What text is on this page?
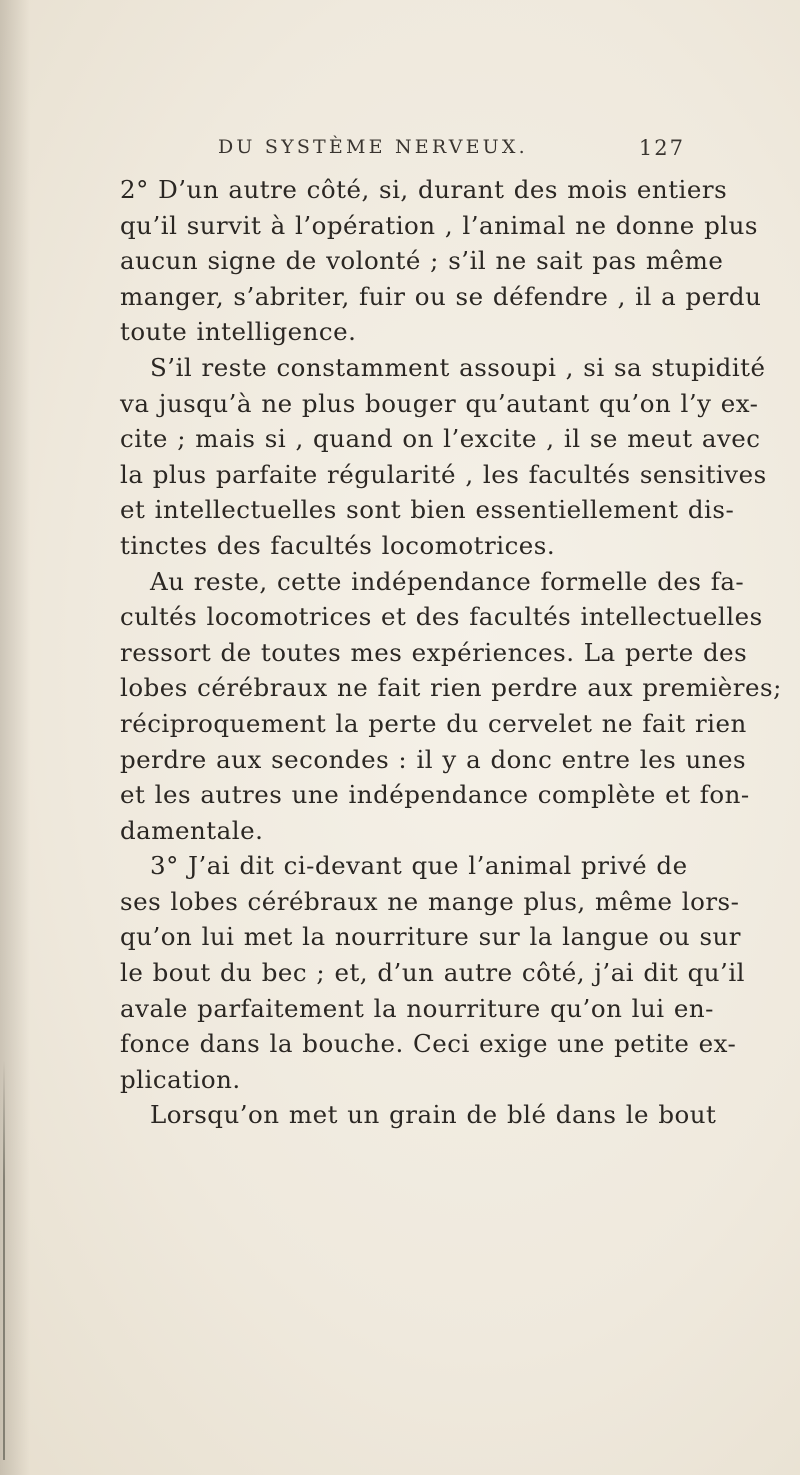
DU SYSTÈME NERVEUX.	127
2° D’un autre côté, si, durant des mois entiers
qu’il survit à l’opération , l’animal ne donne plus
aucun signe de volonté ; s’il ne sait pas même
manger, s’abriter, fuir ou se défendre , il a perdu
toute intelligence.
S’il reste constamment assoupi , si sa stupidité
va jusqu’à ne plus bouger qu’autant qu’on l’y ex-
cite ; mais si , quand on l’excite , il se meut avec
la plus parfaite régularité , les facultés sensitives
et intellectuelles sont bien essentiellement dis-
tinctes des facultés locomotrices.
Au reste, cette indépendance formelle des fa-
cultés locomotrices et des facultés intellectuelles
ressort de toutes mes expériences. La perte des
lobes cérébraux ne fait rien perdre aux premières;
réciproquement la perte du cervelet ne fait rien
perdre aux secondes : il y a donc entre les unes
et les autres une indépendance complète et fon-
damentale.
3° J’ai dit ci-devant que l’animal privé de
ses lobes cérébraux ne mange plus, même lors-
qu’on lui met la nourriture sur la langue ou sur
le bout du bec ; et, d’un autre côté, j’ai dit qu’il
avale parfaitement la nourriture qu’on lui en-
fonce dans la bouche. Ceci exige une petite ex-
plication.
Lorsqu’on met un grain de blé dans le bout
